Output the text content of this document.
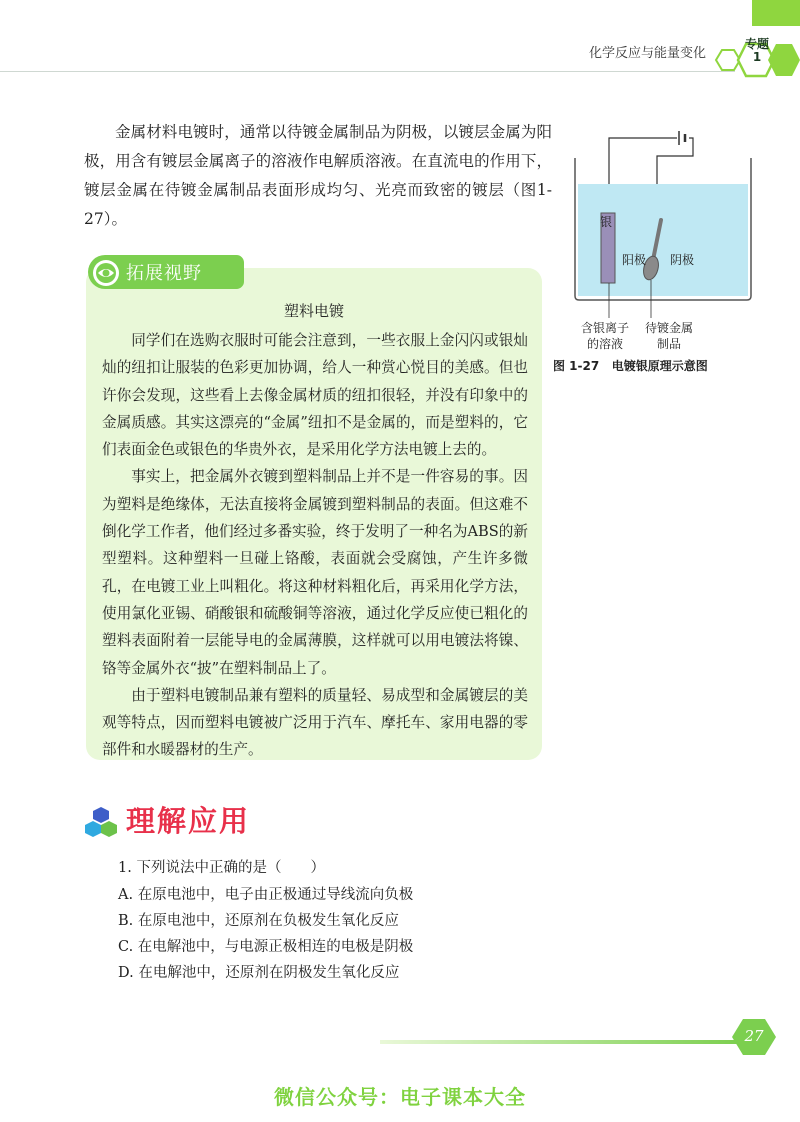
化学反应与能量变化
专题
1

金属材料电镀时，通常以待镀金属制品为阴极，以镀层金属为阳极，用含有镀层金属离子的溶液作电解质溶液。在直流电的作用下，镀层金属在待镀金属制品表面形成均匀、光亮而致密的镀层（图1-27）。	银
阳极	阴极
含银离子
的溶液
待镀金属
制品
图 1-27 电镀银原理示意图
拓展视野
塑料电镀

同学们在选购衣服时可能会注意到，一些衣服上金闪闪或银灿灿的纽扣让服装的色彩更加协调，给人一种赏心悦目的美感。但也许你会发现，这些看上去像金属材质的纽扣很轻，并没有印象中的金属质感。其实这漂亮的“金属”纽扣不是金属的，而是塑料的，它们表面金色或银色的华贵外衣，是采用化学方法电镀上去的。

事实上，把金属外衣镀到塑料制品上并不是一件容易的事。因为塑料是绝缘体，无法直接将金属镀到塑料制品的表面。但这难不倒化学工作者，他们经过多番实验，终于发明了一种名为ABS的新型塑料。这种塑料一旦碰上铬酸，表面就会受腐蚀，产生许多微孔，在电镀工业上叫粗化。将这种材料粗化后，再采用化学方法，使用氯化亚锡、硝酸银和硫酸铜等溶液，通过化学反应使已粗化的塑料表面附着一层能导电的金属薄膜，这样就可以用电镀法将镍、铬等金属外衣“披”在塑料制品上了。

由于塑料电镀制品兼有塑料的质量轻、易成型和金属镀层的美观等特点，因而塑料电镀被广泛用于汽车、摩托车、家用电器的零部件和水暖器材的生产。

理解应用
1. 下列说法中正确的是（　　）
A. 在原电池中，电子由正极通过导线流向负极
B. 在原电池中，还原剂在负极发生氧化反应
C. 在电解池中，与电源正极相连的电极是阴极
D. 在电解池中，还原剂在阴极发生氧化反应
27
微信公众号：电子课本大全
